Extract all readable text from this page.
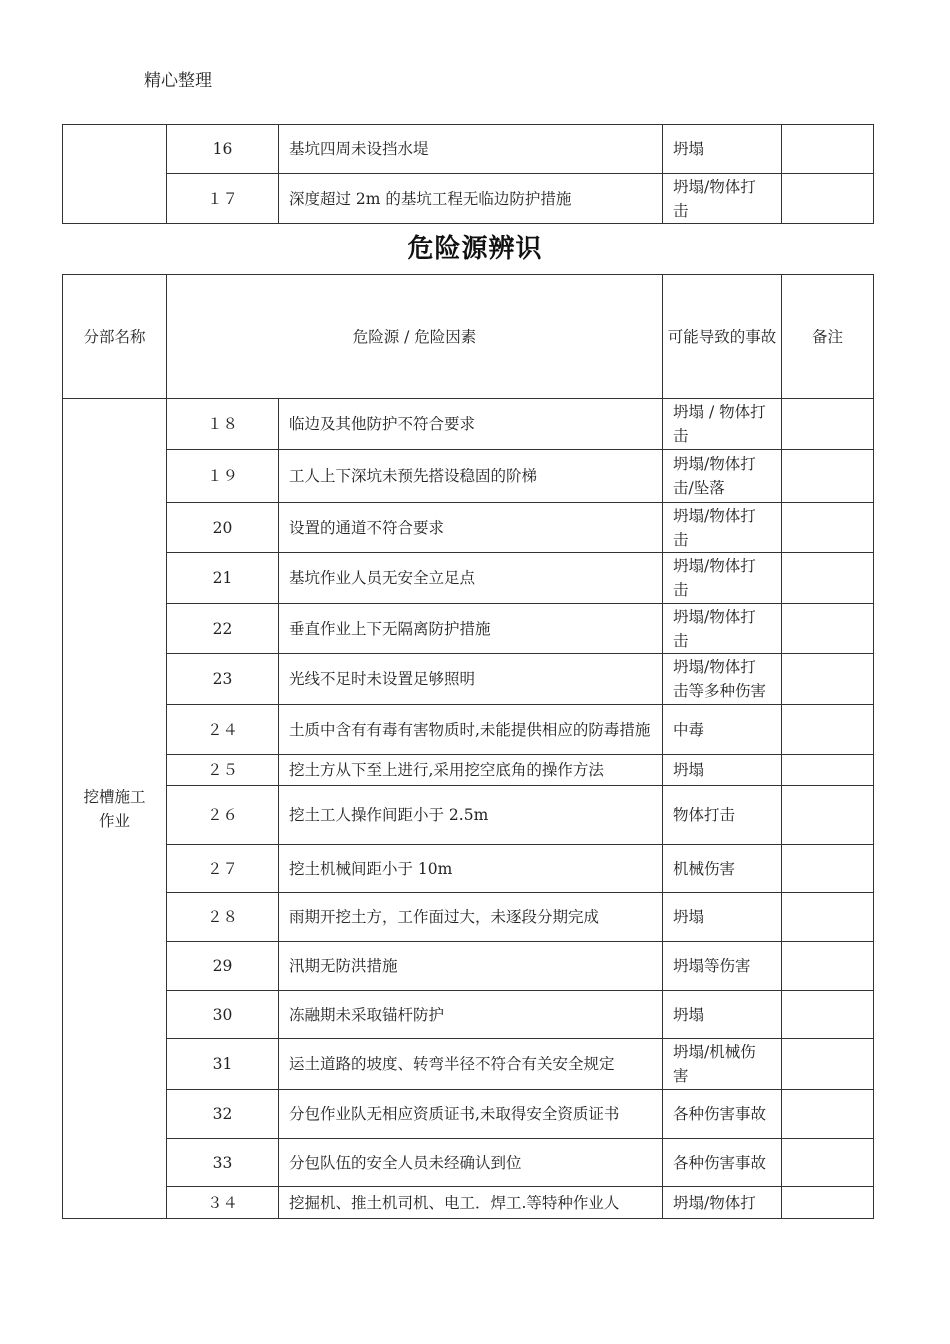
精心整理
	16	基坑四周未设挡水堤	坍塌	
	１７	深度超过 2m 的基坑工程无临边防护措施	坍塌/物体打击	
危险源辨识
分部名称	危险源 / 危险因素		可能导致的事故	备注
挖槽施工作业	１８	临边及其他防护不符合要求	坍塌 / 物体打击	
	１９	工人上下深坑未预先搭设稳固的阶梯	坍塌/物体打击/坠落	
	20	设置的通道不符合要求	坍塌/物体打击	
	21	基坑作业人员无安全立足点	坍塌/物体打击	
	22	垂直作业上下无隔离防护措施	坍塌/物体打击	
	23	光线不足时未设置足够照明	坍塌/物体打击等多种伤害	
	２４	土质中含有有毒有害物质时,未能提供相应的防毒措施	中毒	
	２５	挖土方从下至上进行,采用挖空底角的操作方法	坍塌	
	２６	挖土工人操作间距小于 2.5m	物体打击	
	２７	挖土机械间距小于 10m	机械伤害	
	２８	雨期开挖土方，工作面过大，未逐段分期完成	坍塌	
	29	汛期无防洪措施	坍塌等伤害	
	30	冻融期未采取锚杆防护	坍塌	
	31	运土道路的坡度、转弯半径不符合有关安全规定	坍塌/机械伤害	
	32	分包作业队无相应资质证书,未取得安全资质证书	各种伤害事故	
	33	分包队伍的安全人员未经确认到位	各种伤害事故	
	３４	挖掘机、推土机司机、电工．焊工.等特种作业人	坍塌/物体打	
